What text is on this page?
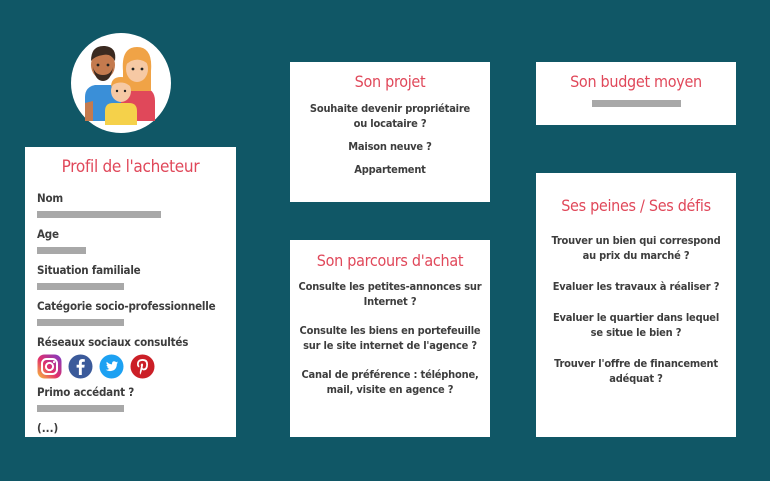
Profil de l'acheteur
Nom
Age
Situation familiale
Catégorie socio-professionnelle
Réseaux sociaux consultés
Primo accédant ?
(...)
Son projet
Souhaite devenir propriétaire
ou locataire ?
Maison neuve ?
Appartement
Son budget moyen
Son parcours d'achat
Consulte les petites-annonces sur
Internet ?
Consulte les biens en portefeuille
sur le site internet de l'agence ?
Canal de préférence : téléphone,
mail, visite en agence ?
Ses peines / Ses défis
Trouver un bien qui correspond
au prix du marché ?
Evaluer les travaux à réaliser ?
Evaluer le quartier dans lequel
se situe le bien ?
Trouver l'offre de financement
adéquat ?
